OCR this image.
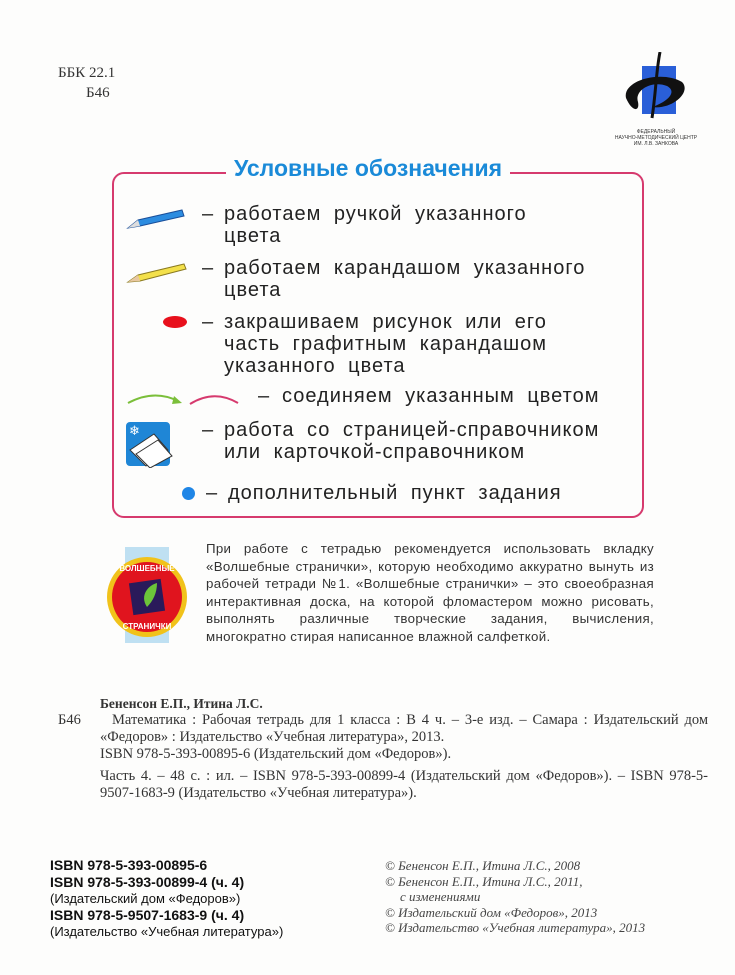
ББК 22.1
Б46
ФЕДЕРАЛЬНЫЙ
НАУЧНО-МЕТОДИЧЕСКИЙ ЦЕНТР
ИМ. Л.В. ЗАНКОВА
Условные обозначения
– работаем ручкой указанного
цвета
– работаем карандашом указанного
цвета
– закрашиваем рисунок или его
часть графитным карандашом
указанного цвета
– соединяем указанным цветом
❄	– работа со страницей-справочником
или карточкой-справочником
– дополнительный пункт задания
ВОЛШЕБНЫЕ
СТРАНИЧКИ
При работе с тетрадью рекомендуется использовать вкладку «Волшебные странички», которую необходимо аккуратно вынуть из рабочей тетради №1. «Волшебные странички» – это своеобразная интерактивная доска, на которой фломастером можно рисовать, выполнять различные творческие задания, вычисления, многократно стирая написанное влажной салфеткой.
Бененсон Е.П., Итина Л.С.
Б46	Математика : Рабочая тетрадь для 1 класса : В 4 ч. – 3-е изд. – Самара : Издательский дом «Федоров» : Издательство «Учебная литература», 2013.
ISBN 978-5-393-00895-6 (Издательский дом «Федоров»).
Часть 4. – 48 с. : ил. – ISBN 978-5-393-00899-4 (Издательский дом «Федоров»). – ISBN 978-5-9507-1683-9 (Издательство «Учебная литература»).
ISBN 978-5-393-00895-6
ISBN 978-5-393-00899-4 (ч. 4)
(Издательский дом «Федоров»)
ISBN 978-5-9507-1683-9 (ч. 4)
(Издательство «Учебная литература»)
© Бененсон Е.П., Итина Л.С., 2008
© Бененсон Е.П., Итина Л.С., 2011,
с изменениями
© Издательский дом «Федоров», 2013
© Издательство «Учебная литература», 2013
